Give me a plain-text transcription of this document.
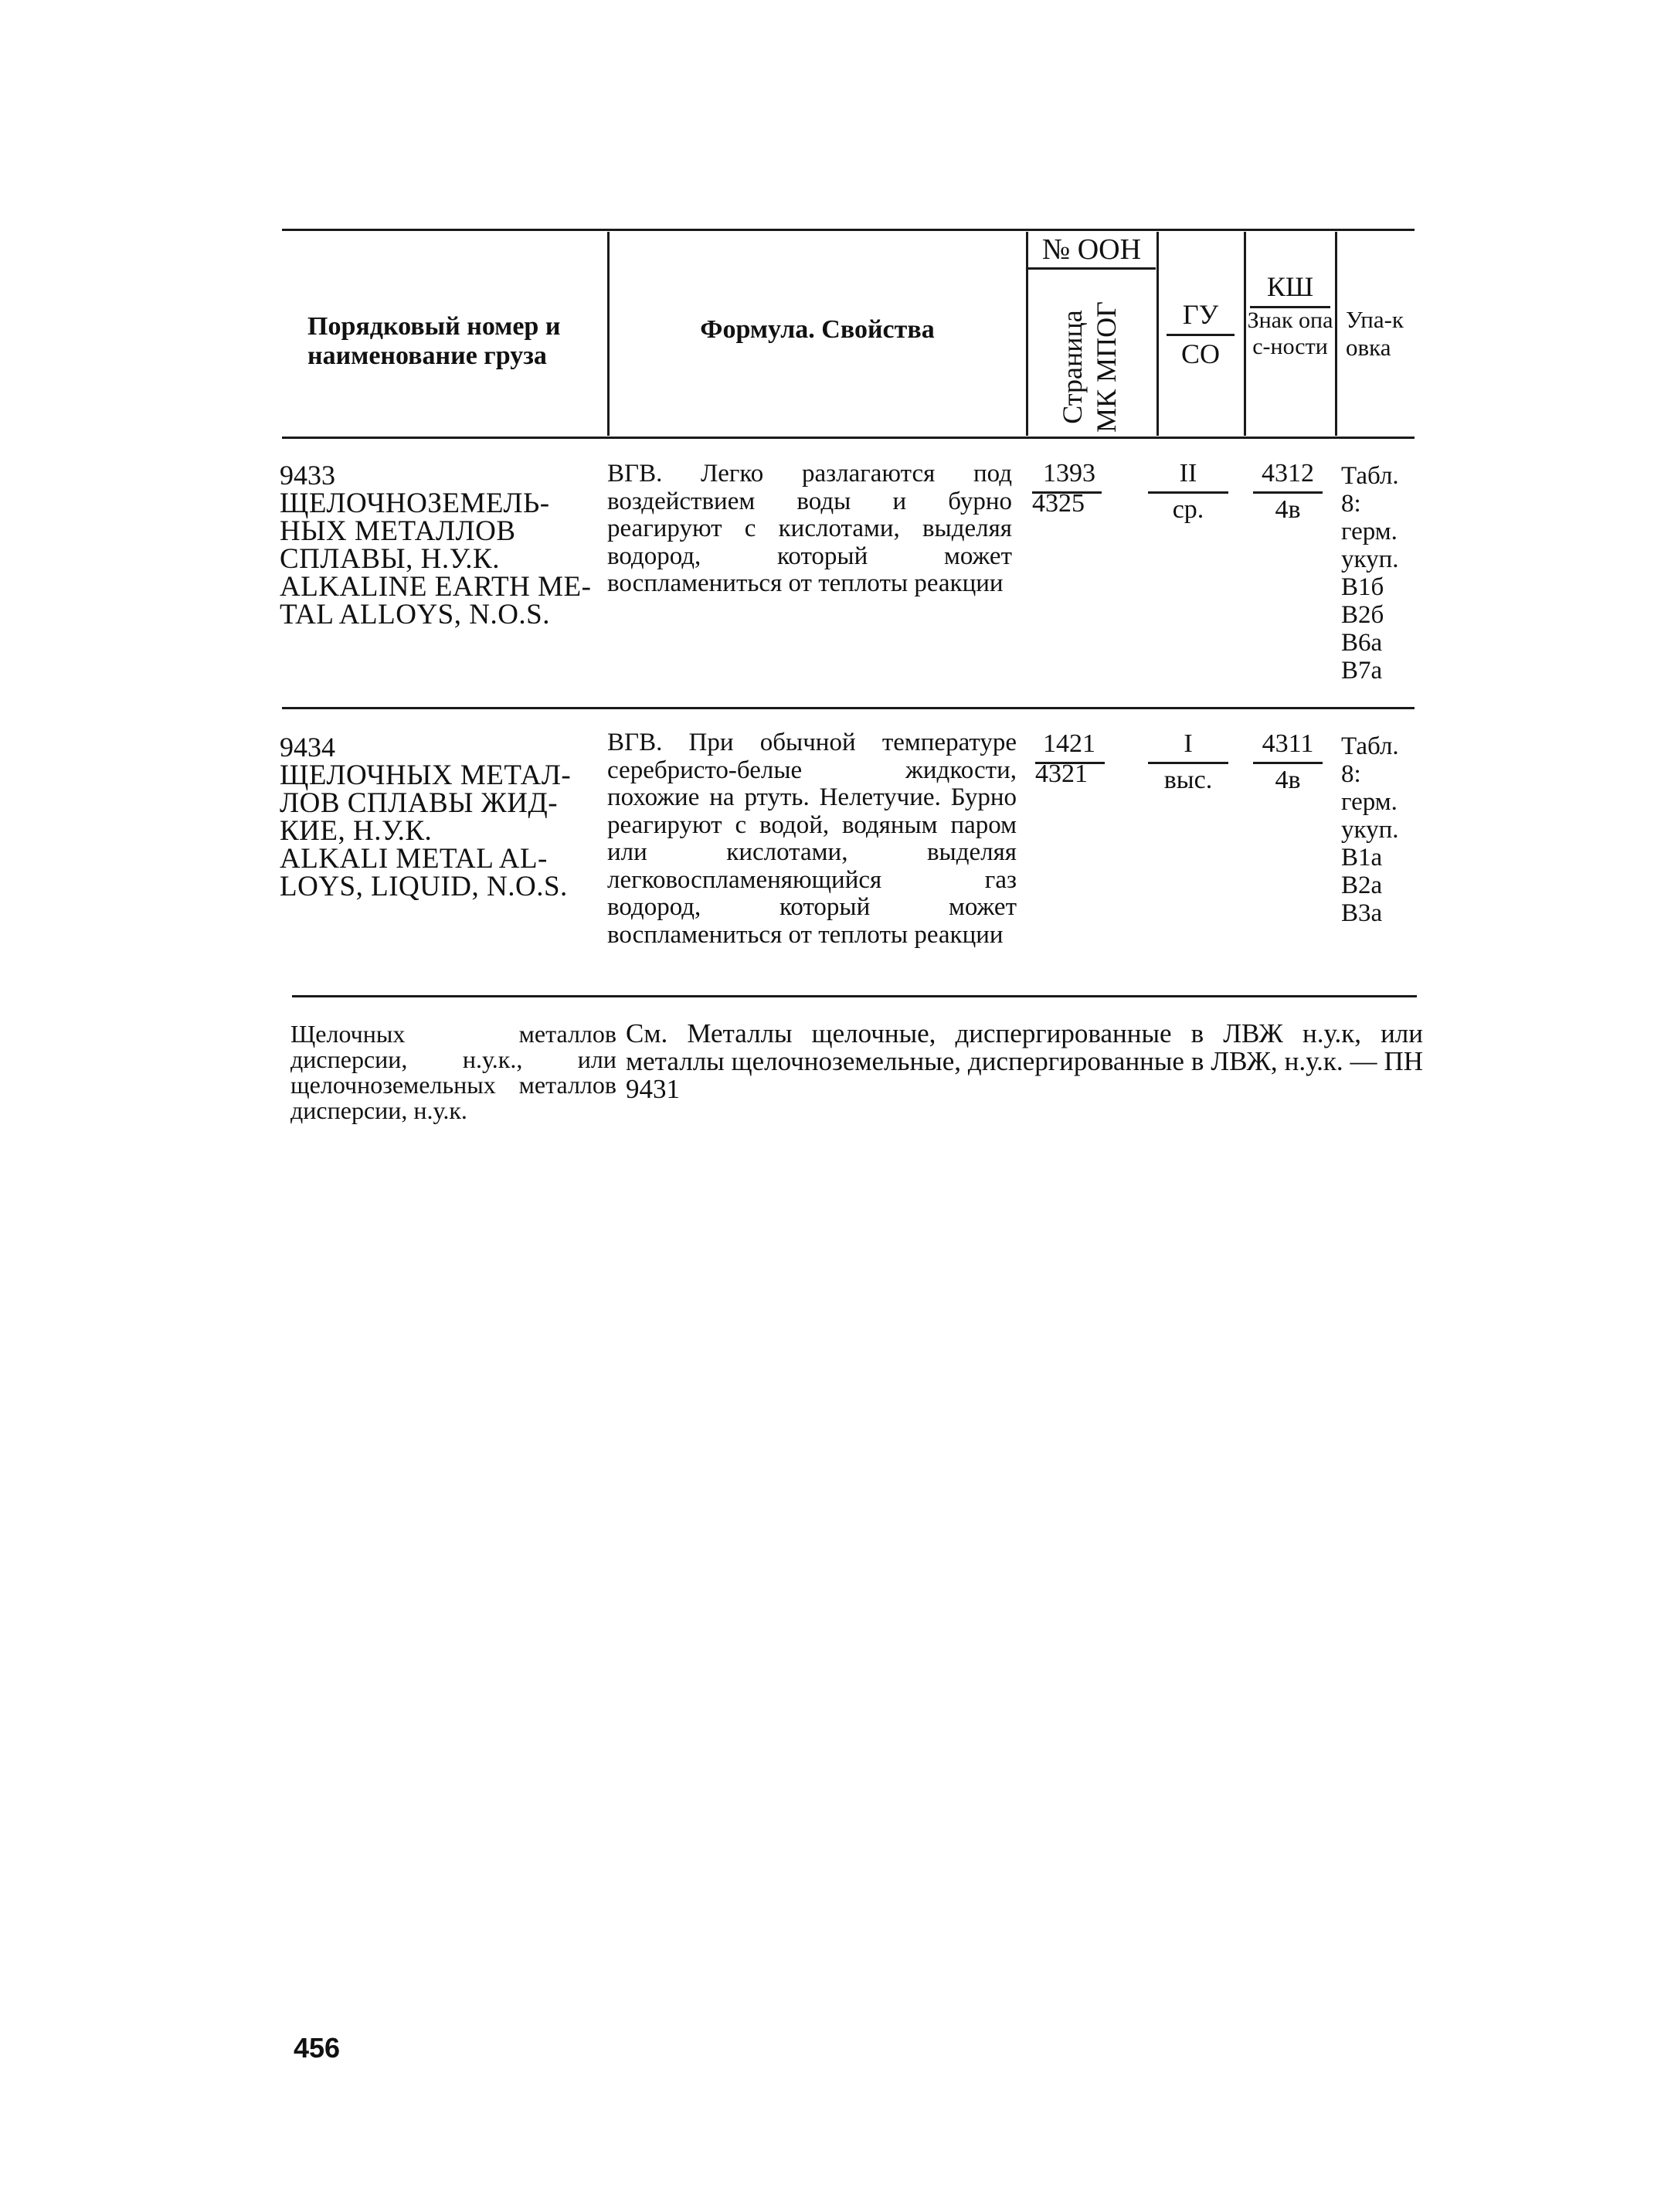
Порядковый номер и наименование груза
Формула. Свойства
№ ООН
Страница МК МПОГ	ГУ
СО
КШ
Знак опас-ности
Упа-ковка
9433
ЩЕЛОЧНОЗЕМЕЛЬ-
НЫХ МЕТАЛЛОВ
СПЛАВЫ, Н.У.К.
ALKALINE EARTH ME-
TAL ALLOYS, N.O.S.
ВГВ. Легко разлагаются под воздействием воды и бурно реагируют с кислотами, выделяя водород, который может воспламениться от теплоты реакции
1393
4325
II
ср.
4312
4в
Табл.
8:
герм.
укуп.
В1б
В2б
В6а
В7а
9434
ЩЕЛОЧНЫХ МЕТАЛ-
ЛОВ СПЛАВЫ ЖИД-
КИЕ, Н.У.К.
ALKALI METAL AL-
LOYS, LIQUID, N.O.S.
ВГВ. При обычной температуре серебристо-белые жидкости, похожие на ртуть. Нелетучие. Бурно реагируют с водой, водяным паром или кислотами, выделяя легковоспламеняющийся газ водород, который может воспламениться от теплоты реакции
1421
4321
I
выс.
4311
4в
Табл.
8:
герм.
укуп.
В1а
В2а
В3а
Щелочных металлов дисперсии, н.у.к., или щелочноземельных металлов дисперсии, н.у.к.
См. Металлы щелочные, диспергированные в ЛВЖ н.у.к, или металлы щелочноземельные, диспергированные в ЛВЖ, н.у.к. — ПН 9431
456
